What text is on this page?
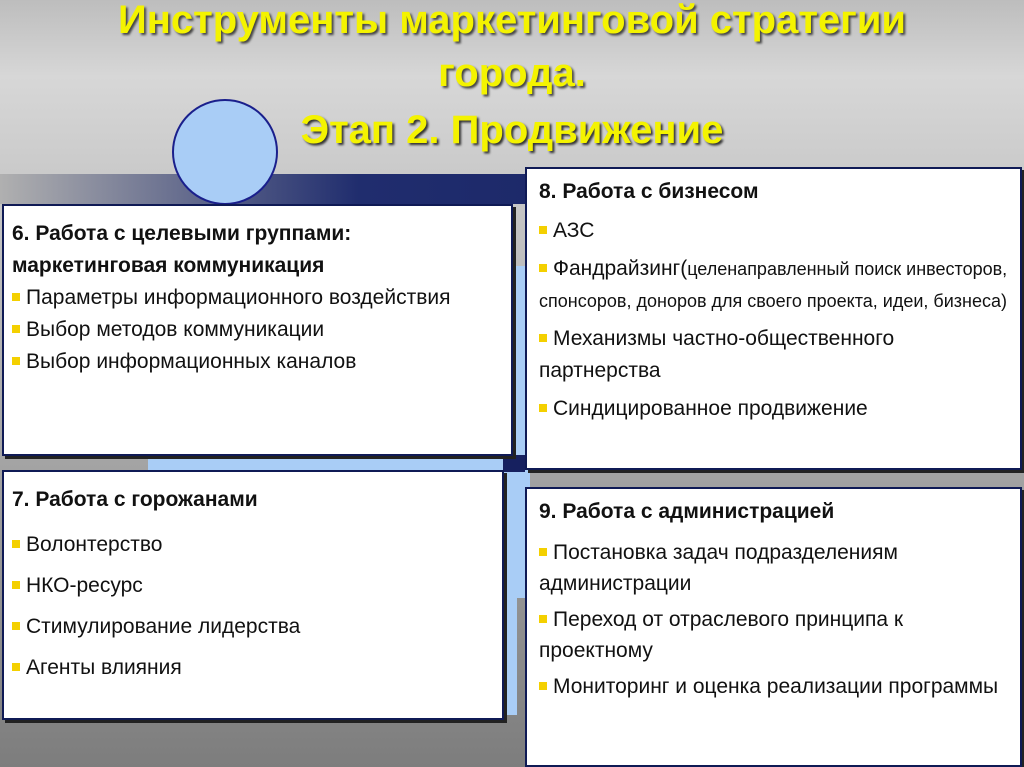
Инструменты маркетинговой стратегии
города.
Этап 2. Продвижение
6. Работа с целевыми группами:
маркетинговая коммуникация

Параметры информационного воздействия

Выбор методов коммуникации

Выбор информационных каналов

7. Работа с горожанами

Волонтерство

НКО-ресурс

Стимулирование лидерства

Агенты влияния

8. Работа с бизнесом

АЗС

Фандрайзинг(целенаправленный поиск инвесторов, спонсоров, доноров для своего проекта, идеи, бизнеса)

Механизмы частно-общественного партнерства

Синдицированное продвижение

9. Работа с администрацией

Постановка задач подразделениям администрации

Переход от отраслевого принципа к проектному

Мониторинг и оценка реализации программы
